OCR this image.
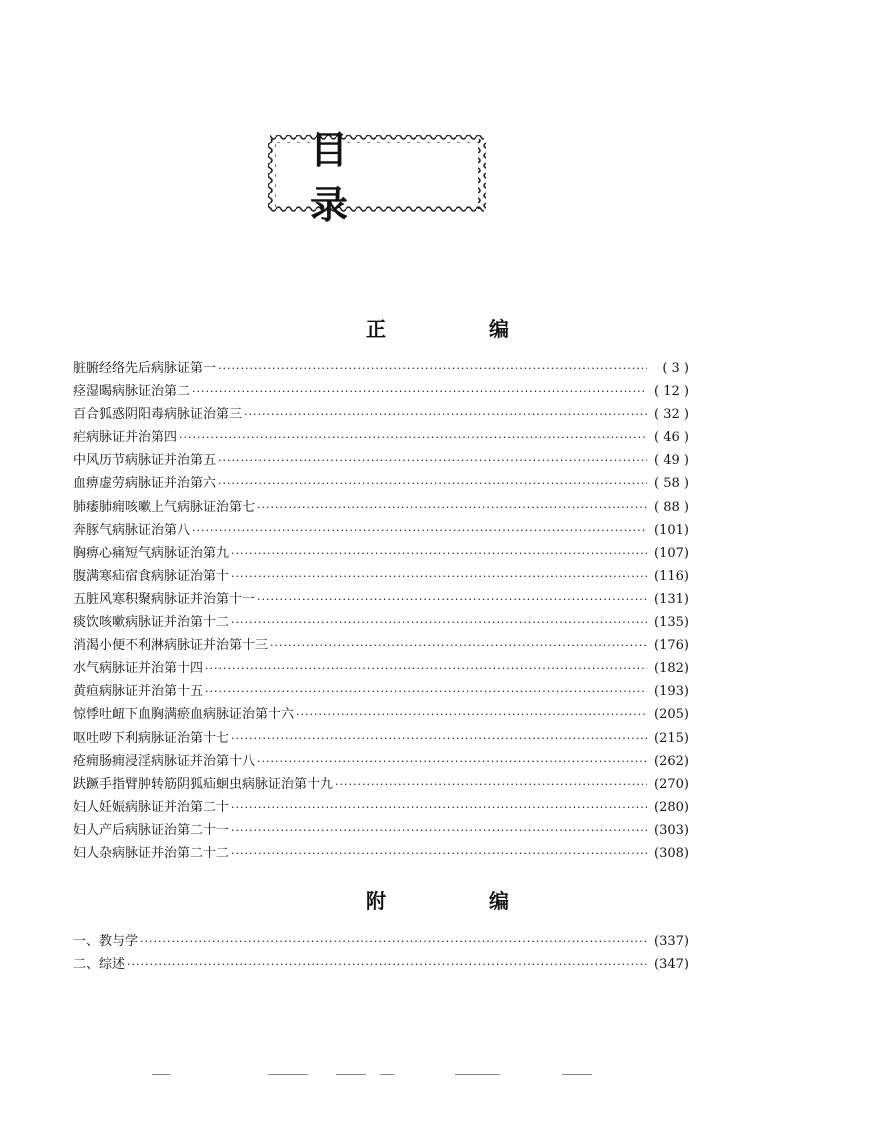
目 录
正 编
脏腑经络先后病脉证第一 ·····	( 3 )
痉湿暍病脉证治第二 ·····	( 12 )
百合狐惑阴阳毒病脉证治第三 ·····	( 32 )
疟病脉证并治第四 ·····	( 46 )
中风历节病脉证并治第五 ·····	( 49 )
血痹虚劳病脉证并治第六 ·····	( 58 )
肺痿肺痈咳嗽上气病脉证治第七 ·····	( 88 )
奔豚气病脉证治第八 ·····	(101)
胸痹心痛短气病脉证治第九 ·····	(107)
腹满寒疝宿食病脉证治第十 ·····	(116)
五脏风寒积聚病脉证并治第十一 ·····	(131)
痰饮咳嗽病脉证并治第十二 ·····	(135)
消渴小便不利淋病脉证并治第十三 ·····	(176)
水气病脉证并治第十四 ·····	(182)
黄疸病脉证并治第十五 ·····	(193)
惊悸吐衄下血胸满瘀血病脉证治第十六 ·····	(205)
呕吐哕下利病脉证治第十七 ·····	(215)
疮痈肠痈浸淫病脉证并治第十八 ·····	(262)
趺蹶手指臂肿转筋阴狐疝蛔虫病脉证治第十九 ·····	(270)
妇人妊娠病脉证并治第二十 ·····	(280)
妇人产后病脉证治第二十一 ·····	(303)
妇人杂病脉证并治第二十二 ·····	(308)
附 编
一、教与学 ·····	(337)
二、综述 ·····	(347)
